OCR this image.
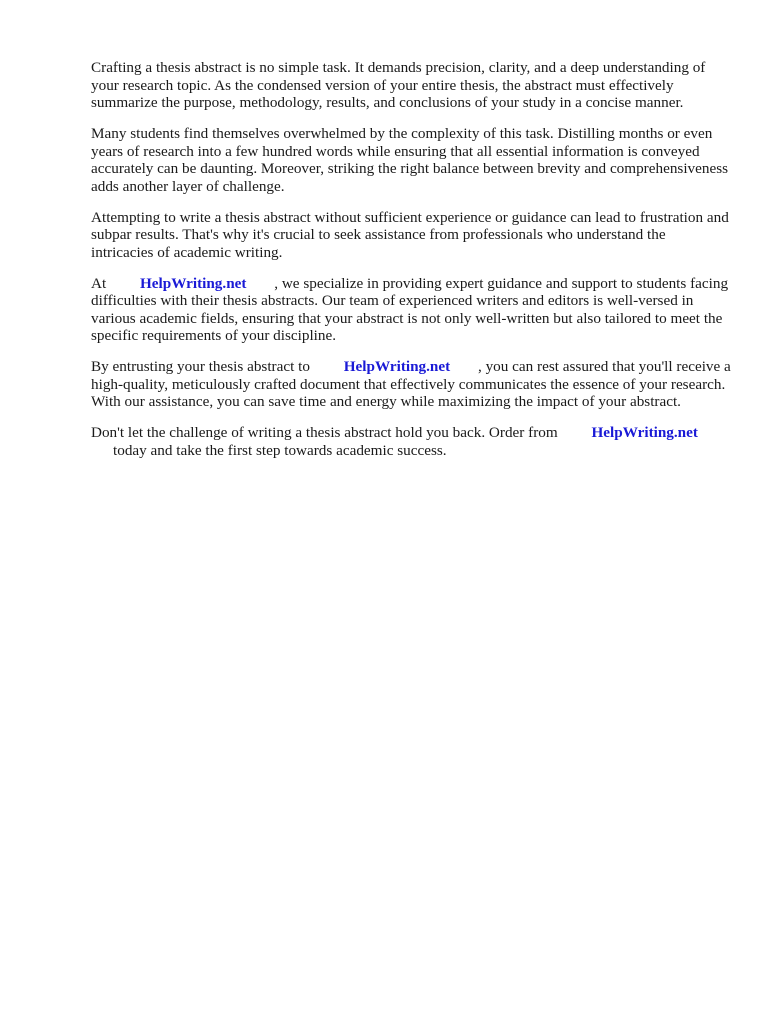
Crafting a thesis abstract is no simple task. It demands precision, clarity, and a deep understanding of your research topic. As the condensed version of your entire thesis, the abstract must effectively summarize the purpose, methodology, results, and conclusions of your study in a concise manner.

Many students find themselves overwhelmed by the complexity of this task. Distilling months or even years of research into a few hundred words while ensuring that all essential information is conveyed accurately can be daunting. Moreover, striking the right balance between brevity and comprehensiveness adds another layer of challenge.

Attempting to write a thesis abstract without sufficient experience or guidance can lead to frustration and subpar results. That's why it's crucial to seek assistance from professionals who understand the intricacies of academic writing.

At HelpWriting.net , we specialize in providing expert guidance and support to students facing difficulties with their thesis abstracts. Our team of experienced writers and editors is well-versed in various academic fields, ensuring that your abstract is not only well-written but also tailored to meet the specific requirements of your discipline.

By entrusting your thesis abstract to HelpWriting.net , you can rest assured that you'll receive a high-quality, meticulously crafted document that effectively communicates the essence of your research. With our assistance, you can save time and energy while maximizing the impact of your abstract.

Don't let the challenge of writing a thesis abstract hold you back. Order from HelpWriting.net
today and take the first step towards academic success.
